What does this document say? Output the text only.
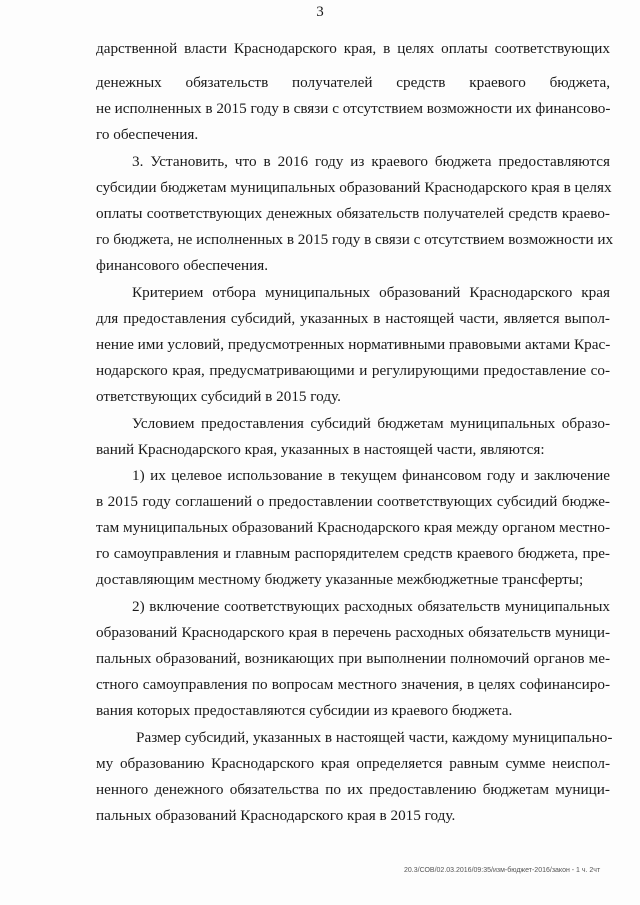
3
дарственной власти Краснодарского края, в целях оплаты соответствующих
денежных обязательств получателей средств краевого бюджета,
не исполненных в 2015 году в связи с отсутствием возможности их финансово-
го обеспечения.
3. Установить, что в 2016 году из краевого бюджета предоставляются
субсидии бюджетам муниципальных образований Краснодарского края в целях
оплаты соответствующих денежных обязательств получателей средств краево-
го бюджета, не исполненных в 2015 году в связи с отсутствием возможности их
финансового обеспечения.
Критерием отбора муниципальных образований Краснодарского края
для предоставления субсидий, указанных в настоящей части, является выпол-
нение ими условий, предусмотренных нормативными правовыми актами Крас-
нодарского края, предусматривающими и регулирующими предоставление со-
ответствующих субсидий в 2015 году.
Условием предоставления субсидий бюджетам муниципальных образо-
ваний Краснодарского края, указанных в настоящей части, являются:
1) их целевое использование в текущем финансовом году и заключение
в 2015 году соглашений о предоставлении соответствующих субсидий бюдже-
там муниципальных образований Краснодарского края между органом местно-
го самоуправления и главным распорядителем средств краевого бюджета, пре-
доставляющим местному бюджету указанные межбюджетные трансферты;
2) включение соответствующих расходных обязательств муниципальных
образований Краснодарского края в перечень расходных обязательств муници-
пальных образований, возникающих при выполнении полномочий органов ме-
стного самоуправления по вопросам местного значения, в целях софинансиро-
вания которых предоставляются субсидии из краевого бюджета.
Размер субсидий, указанных в настоящей части, каждому муниципально-
му образованию Краснодарского края определяется равным сумме неиспол-
ненного денежного обязательства по их предоставлению бюджетам муници-
пальных образований Краснодарского края в 2015 году.
20.3/СОВ/02.03.2016/09:35/изм-бюджет-2016/закон - 1 ч. 2чт
